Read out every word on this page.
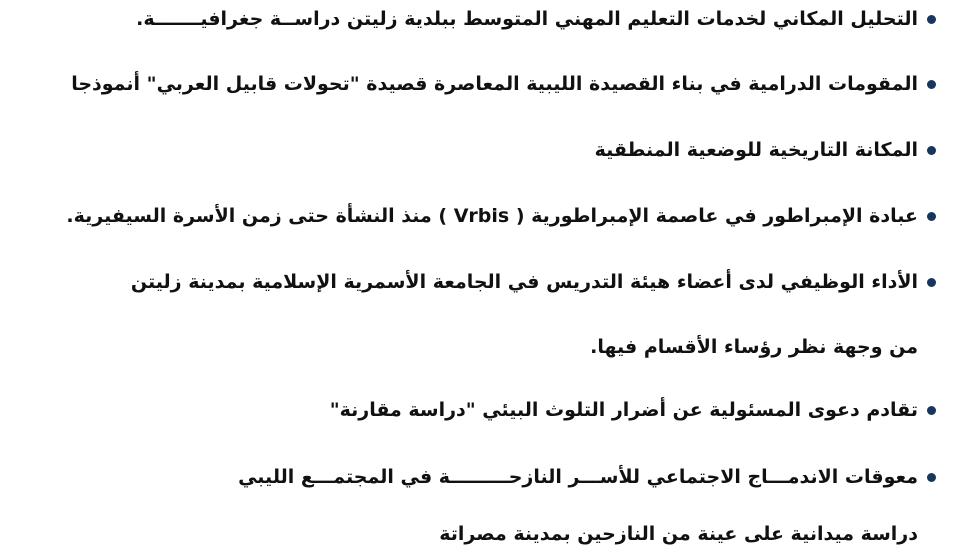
التحليل المكاني لخدمات التعليم المهني المتوسط ببلدية زليتن دراســة جغرافيـــــــة.
المقومات الدرامية في بناء القصيدة الليبية المعاصرة قصيدة "تحولات قابيل العربي" أنموذجا
المكانة التاريخية للوضعية المنطقية
عبادة الإمبراطور في عاصمة الإمبراطورية ( Vrbis ) منذ النشأة حتى زمن الأسرة السيفيرية.
الأداء الوظيفي لدى أعضاء هيئة التدريس في الجامعة الأسمرية الإسلامية بمدينة زليتن
من وجهة نظر رؤساء الأقسام فيها.
تقادم دعوى المسئولية عن أضرار التلوث البيئي "دراسة مقارنة"
معوقات الاندمـــاج الاجتماعي للأســـر النازحـــــــــة في المجتمـــع الليبي
دراسة ميدانية على عينة من النازحين بمدينة مصراتة
